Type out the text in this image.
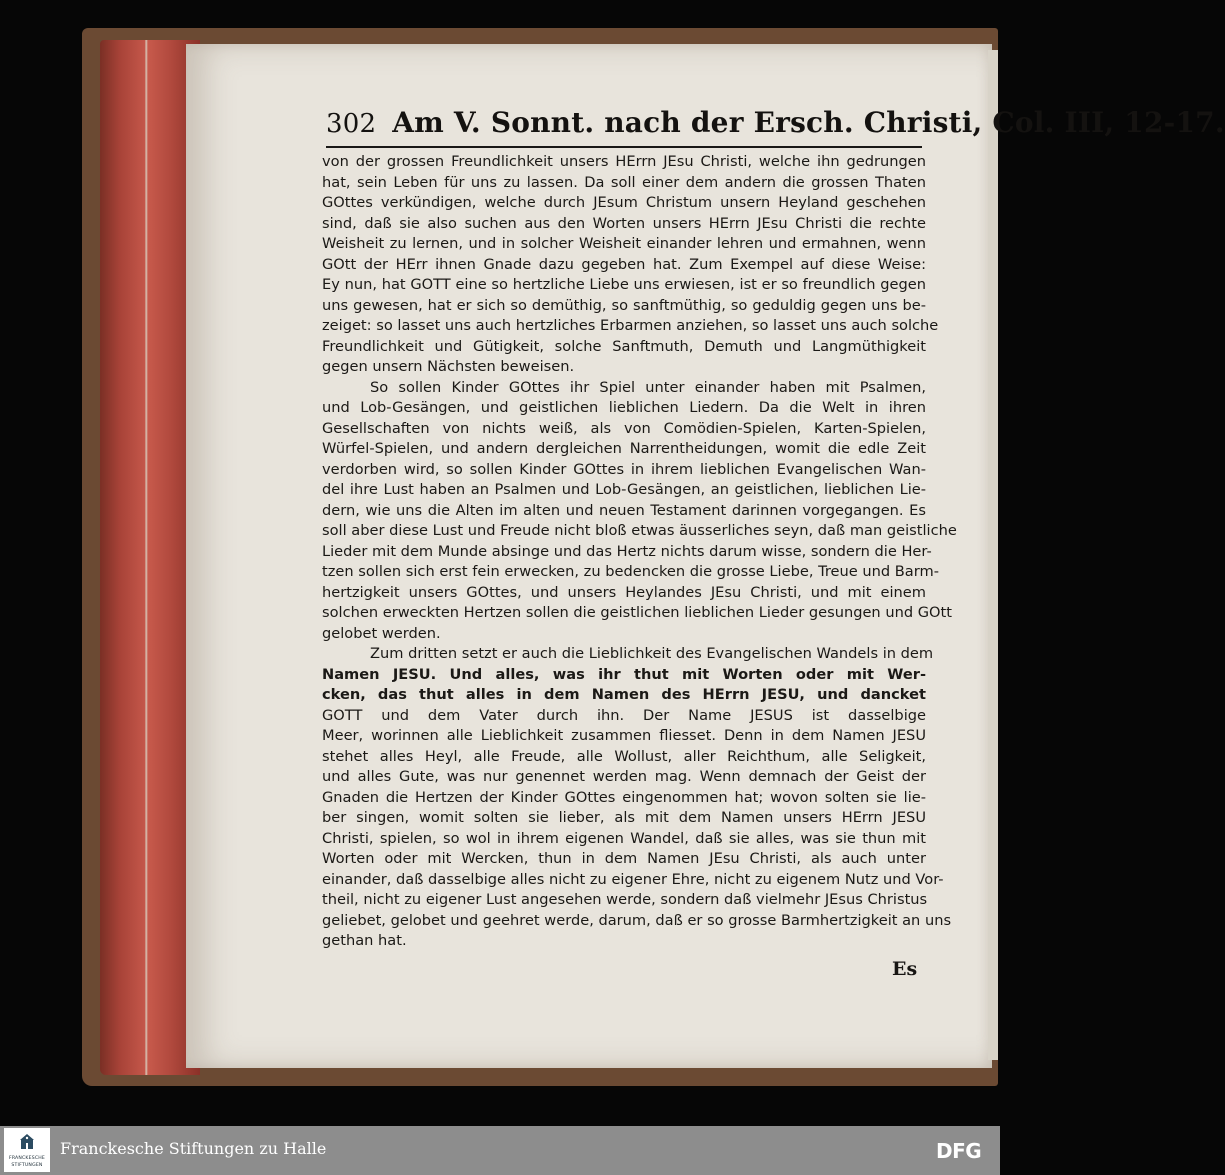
302 Am V. Sonnt. nach der Ersch. Christi, Col. III, 12-17.

von der grossen Freundlichkeit unsers HErrn JEsu Christi, welche ihn gedrungen
hat, sein Leben für uns zu lassen. Da soll einer dem andern die grossen Thaten
GOttes verkündigen, welche durch JEsum Christum unsern Heyland geschehen
sind, daß sie also suchen aus den Worten unsers HErrn JEsu Christi die rechte
Weisheit zu lernen, und in solcher Weisheit einander lehren und ermahnen, wenn
GOtt der HErr ihnen Gnade dazu gegeben hat. Zum Exempel auf diese Weise:
Ey nun, hat GOTT eine so hertzliche Liebe uns erwiesen, ist er so freundlich gegen
uns gewesen, hat er sich so demüthig, so sanftmüthig, so geduldig gegen uns be-
zeiget: so lasset uns auch hertzliches Erbarmen anziehen, so lasset uns auch solche
Freundlichkeit und Gütigkeit, solche Sanftmuth, Demuth und Langmüthigkeit
gegen unsern Nächsten beweisen.

So sollen Kinder GOttes ihr Spiel unter einander haben mit Psalmen,
und Lob-Gesängen, und geistlichen lieblichen Liedern. Da die Welt in ihren
Gesellschaften von nichts weiß, als von Comödien-Spielen, Karten-Spielen,
Würfel-Spielen, und andern dergleichen Narrentheidungen, womit die edle Zeit
verdorben wird, so sollen Kinder GOttes in ihrem lieblichen Evangelischen Wan-
del ihre Lust haben an Psalmen und Lob-Gesängen, an geistlichen, lieblichen Lie-
dern, wie uns die Alten im alten und neuen Testament darinnen vorgegangen. Es
soll aber diese Lust und Freude nicht bloß etwas äusserliches seyn, daß man geistliche
Lieder mit dem Munde absinge und das Hertz nichts darum wisse, sondern die Her-
tzen sollen sich erst fein erwecken, zu bedencken die grosse Liebe, Treue und Barm-
hertzigkeit unsers GOttes, und unsers Heylandes JEsu Christi, und mit einem
solchen erweckten Hertzen sollen die geistlichen lieblichen Lieder gesungen und GOtt
gelobet werden.

Zum dritten setzt er auch die Lieblichkeit des Evangelischen Wandels in dem
Namen JESU. Und alles, was ihr thut mit Worten oder mit Wer-
cken, das thut alles in dem Namen des HErrn JESU, und dancket
GOTT und dem Vater durch ihn. Der Name JESUS ist dasselbige
Meer, worinnen alle Lieblichkeit zusammen fliesset. Denn in dem Namen JESU
stehet alles Heyl, alle Freude, alle Wollust, aller Reichthum, alle Seligkeit,
und alles Gute, was nur genennet werden mag. Wenn demnach der Geist der
Gnaden die Hertzen der Kinder GOttes eingenommen hat; wovon solten sie lie-
ber singen, womit solten sie lieber, als mit dem Namen unsers HErrn JESU
Christi, spielen, so wol in ihrem eigenen Wandel, daß sie alles, was sie thun mit
Worten oder mit Wercken, thun in dem Namen JEsu Christi, als auch unter
einander, daß dasselbige alles nicht zu eigener Ehre, nicht zu eigenem Nutz und Vor-
theil, nicht zu eigener Lust angesehen werde, sondern daß vielmehr JEsus Christus
geliebet, gelobet und geehret werde, darum, daß er so grosse Barmhertzigkeit an uns
gethan hat.

Es
FRANCKESCHE
STIFTUNGEN
Franckesche Stiftungen zu Halle	DFG
